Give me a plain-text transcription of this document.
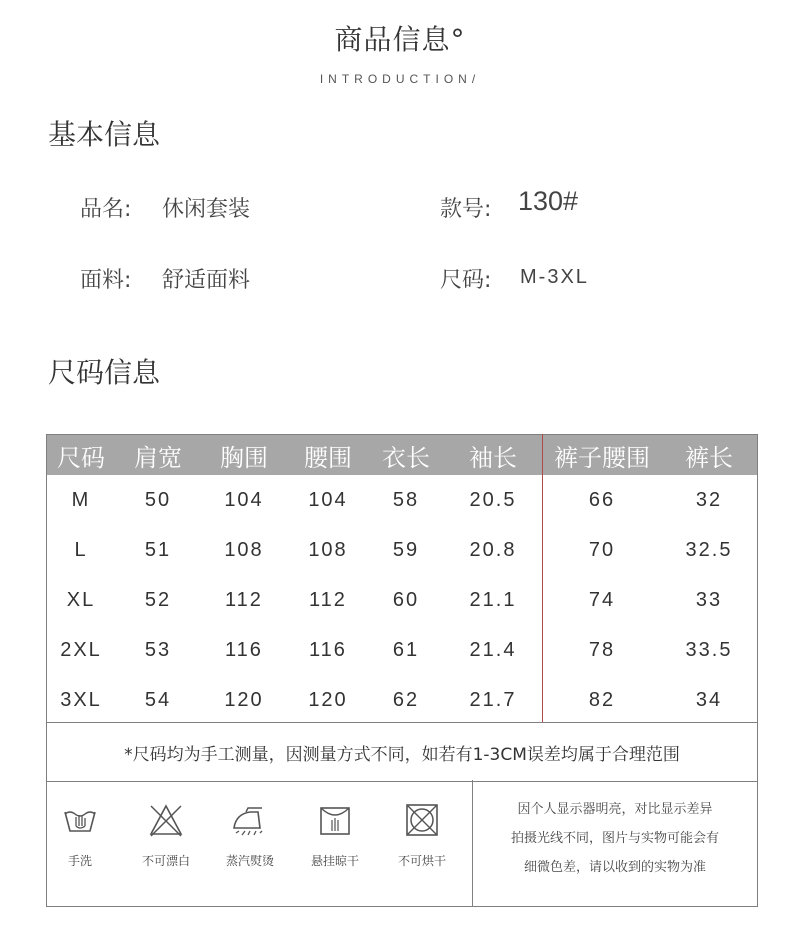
商品信息°
INTRODUCTION/
基本信息
品名: 休闲套装	款号: 130#
面料: 舒适面料	尺码: M-3XL
尺码信息
尺码	肩宽	胸围	腰围	衣长	袖长	裤子腰围	裤长
M	50	104	104	58	20.5	66	32
L	51	108	108	59	20.8	70	32.5
XL	52	112	112	60	21.1	74	33
2XL	53	116	116	61	21.4	78	33.5
3XL	54	120	120	62	21.7	82	34
*尺码均为手工测量，因测量方式不同，如若有1-3CM误差均属于合理范围
手洗	不可漂白	蒸汽熨烫	悬挂晾干	不可烘干
因个人显示器明亮，对比显示差异
拍摄光线不同，图片与实物可能会有
细微色差，请以收到的实物为准
